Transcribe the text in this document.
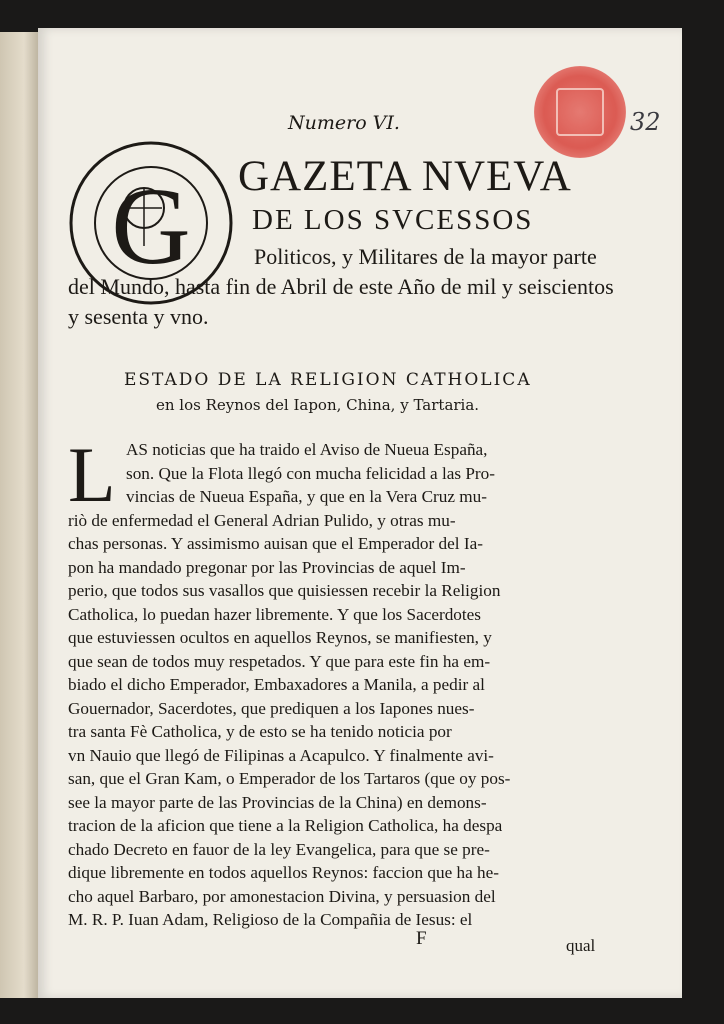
32
Numero VI.
G GAZETA NVEVA
DE LOS SVCESSOS
Politicos, y Militares de la mayor parte del Mundo, hasta fin de Abril de este Año de mil y seiscientos y sesenta y vno.
ESTADO DE LA RELIGION CATHOLICA
en los Reynos del Iapon, China, y Tartaria.
L AS noticias que ha traido el Aviso de Nueua España,
son. Que la Flota llegó con mucha felicidad a las Pro-
vincias de Nueua España, y que en la Vera Cruz mu-
riò de enfermedad el General Adrian Pulido, y otras mu-
chas personas. Y assimismo auisan que el Emperador del Ia-
pon ha mandado pregonar por las Provincias de aquel Im-
perio, que todos sus vasallos que quisiessen recebir la Religion
Catholica, lo puedan hazer libremente. Y que los Sacerdotes
que estuviessen ocultos en aquellos Reynos, se manifiesten, y
que sean de todos muy respetados. Y que para este fin ha em-
biado el dicho Emperador, Embaxadores a Manila, a pedir al
Gouernador, Sacerdotes, que prediquen a los Iapones nues-
tra santa Fè Catholica, y de esto se ha tenido noticia por
vn Nauio que llegó de Filipinas a Acapulco. Y finalmente avi-
san, que el Gran Kam, o Emperador de los Tartaros (que oy pos-
see la mayor parte de las Provincias de la China) en demons-
tracion de la aficion que tiene a la Religion Catholica, ha despa
chado Decreto en fauor de la ley Evangelica, para que se pre-
dique libremente en todos aquellos Reynos: faccion que ha he-
cho aquel Barbaro, por amonestacion Divina, y persuasion del
M. R. P. Iuan Adam, Religioso de la Compañia de Iesus: el
F	qual
